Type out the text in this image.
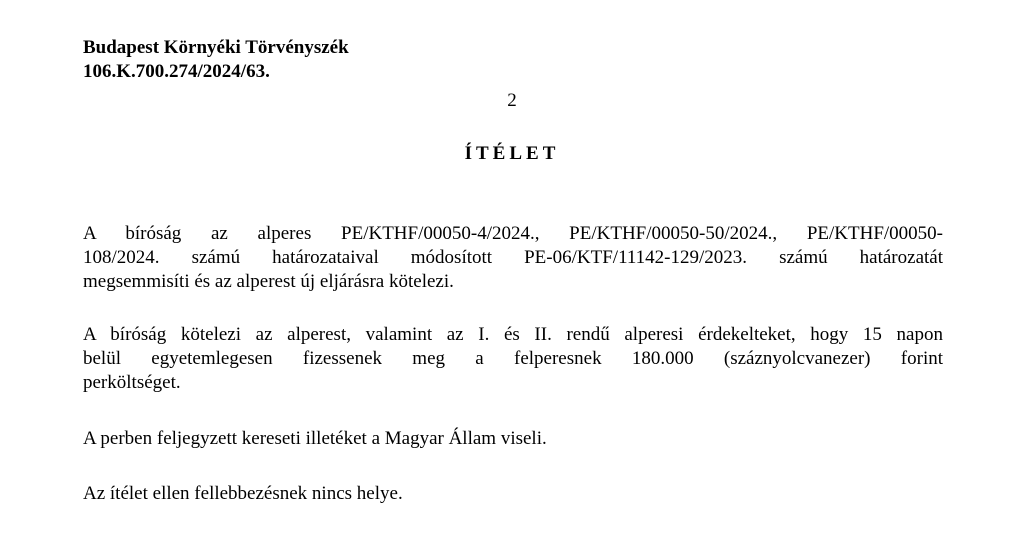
Budapest Környéki Törvényszék
106.K.700.274/2024/63.
2
ÍTÉLET

A bíróság az alperes PE/KTHF/00050-4/2024., PE/KTHF/00050-50/2024., PE/KTHF/00050-
108/2024. számú határozataival módosított PE-06/KTF/11142-129/2023. számú határozatát
megsemmisíti és az alperest új eljárásra kötelezi.

A bíróság kötelezi az alperest, valamint az I. és II. rendű alperesi érdekelteket, hogy 15 napon
belül egyetemlegesen fizessenek meg a felperesnek 180.000 (száznyolcvanezer) forint
perköltséget.

A perben feljegyzett kereseti illetéket a Magyar Állam viseli.

Az ítélet ellen fellebbezésnek nincs helye.
